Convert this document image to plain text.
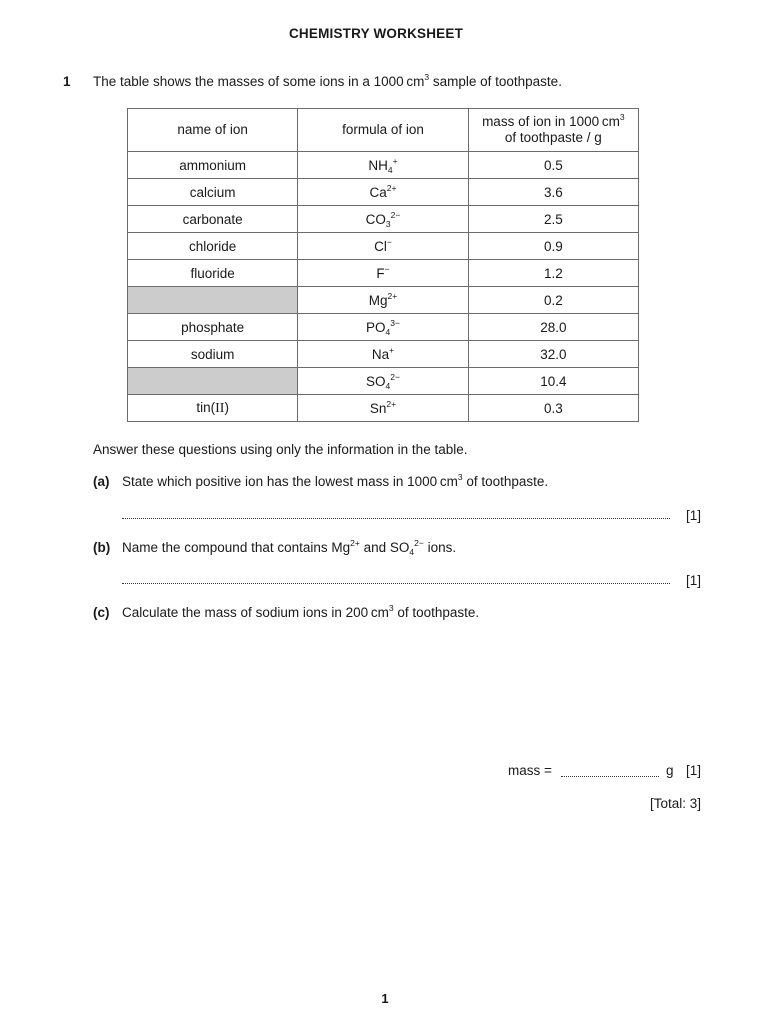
CHEMISTRY WORKSHEET
1 The table shows the masses of some ions in a 1000 $cm^3$ sample of toothpaste.
name of ion	formula of ion	mass of ion in 1000 $cm^3$
of toothpaste / g
ammonium	$NH_4^+$	0.5
calcium	$Ca^{2+}$	3.6
carbonate	$CO_3^{2-}$	2.5
chloride	Cl−	0.9
fluoride	F−	1.2
	$Mg^{2+}$	0.2
phosphate	$PO_4^{3-}$	28.0
sodium	Na+	32.0
	$SO_4^{2-}$	10.4
tin(II)	$Sn^{2+}$	0.3
Answer these questions using only the information in the table.
(a) State which positive ion has the lowest mass in 1000 $cm^3$ of toothpaste.
[1]
(b) Name the compound that contains $Mg^{2+}$ and $SO_4^{2-}$ ions.
[1]
(c) Calculate the mass of sodium ions in 200 $cm^3$ of toothpaste.
mass =	g [1]
[Total: 3]
1
